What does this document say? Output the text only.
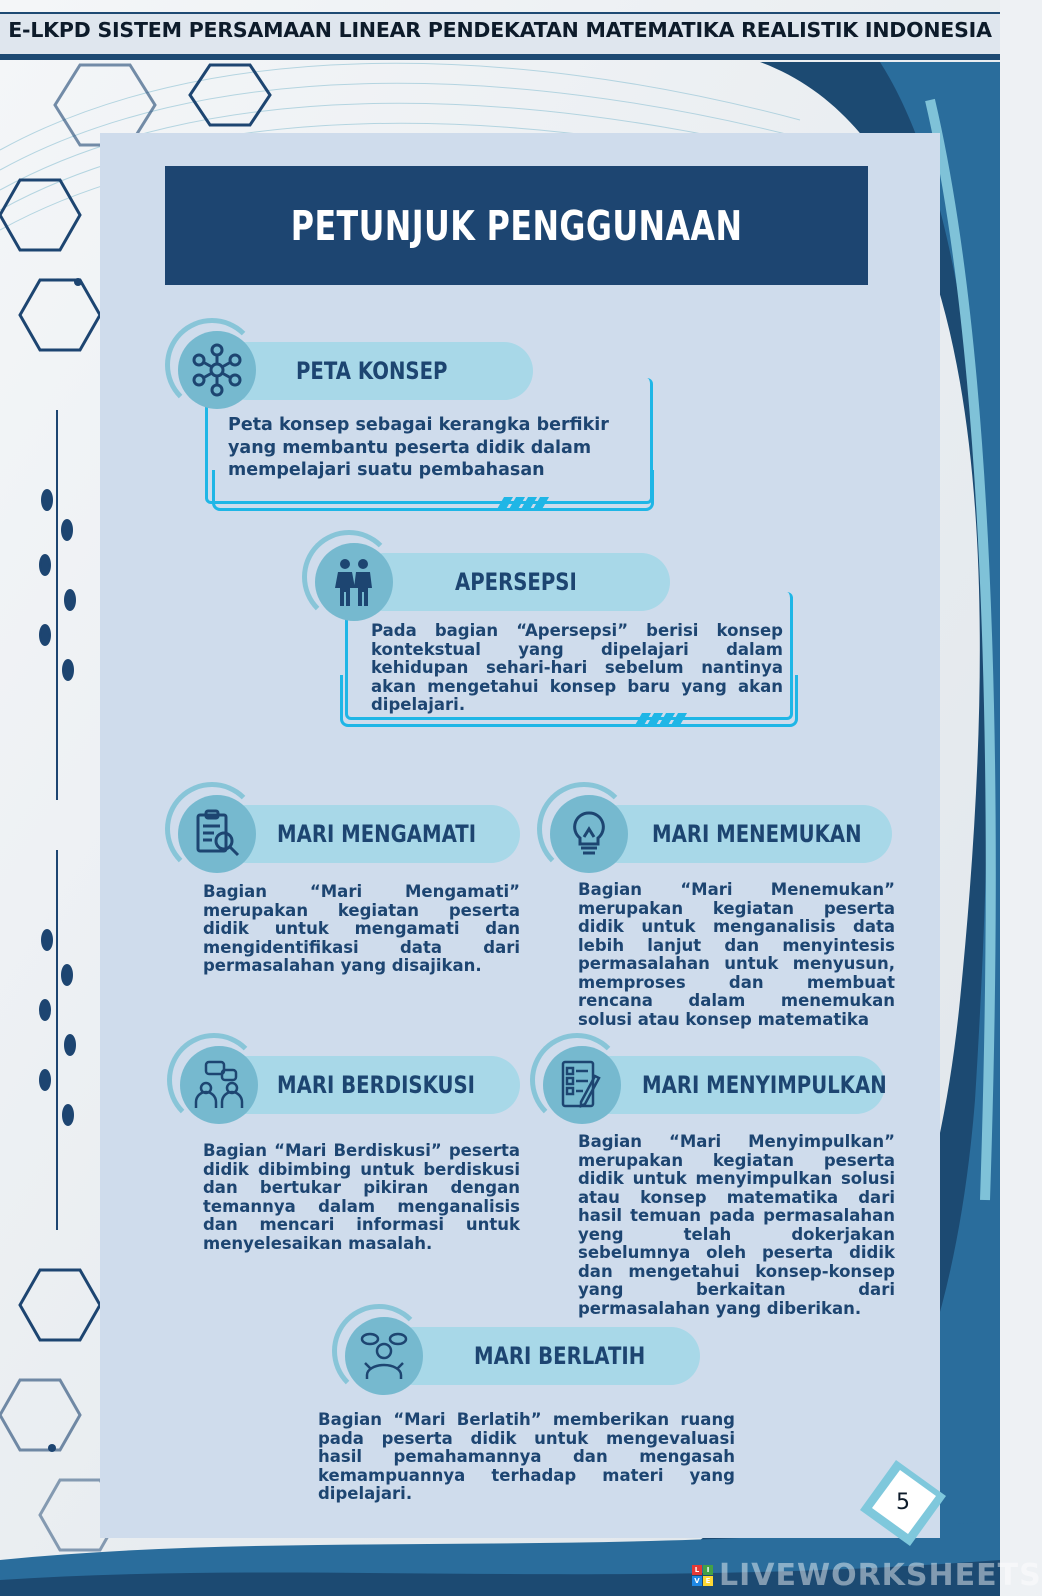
E-LKPD SISTEM PERSAMAAN LINEAR PENDEKATAN MATEMATIKA REALISTIK INDONESIA
PETUNJUK PENGGUNAAN
PETA KONSEP
Peta konsep sebagai kerangka berfikir yang membantu peserta didik dalam mempelajari suatu pembahasan
APERSEPSI
Pada bagian “Apersepsi” berisi konsep kontekstual yang dipelajari dalam kehidupan sehari-hari sebelum nantinya akan mengetahui konsep baru yang akan dipelajari.
MARI MENGAMATI
Bagian “Mari Mengamati” merupakan kegiatan peserta didik untuk mengamati dan mengidentifikasi data dari permasalahan yang disajikan.
MARI MENEMUKAN
Bagian “Mari Menemukan” merupakan kegiatan peserta didik untuk menganalisis data lebih lanjut dan menyintesis permasalahan untuk menyusun, memproses dan membuat rencana dalam menemukan solusi atau konsep matematika
MARI BERDISKUSI
Bagian “Mari Berdiskusi” peserta didik dibimbing untuk berdiskusi dan bertukar pikiran dengan temannya dalam menganalisis dan mencari informasi untuk menyelesaikan masalah.
MARI MENYIMPULKAN
Bagian “Mari Menyimpulkan” merupakan kegiatan peserta didik untuk menyimpulkan solusi atau konsep matematika dari hasil temuan pada permasalahan yeng telah dokerjakan sebelumnya oleh peserta didik dan mengetahui konsep-konsep yang berkaitan dari permasalahan yang diberikan.
MARI BERLATIH
Bagian “Mari Berlatih” memberikan ruang pada peserta didik untuk mengevaluasi hasil pemahamannya dan mengasah kemampuannya terhadap materi yang dipelajari.	5
L	I
V E LIVEWORKSHEETS
